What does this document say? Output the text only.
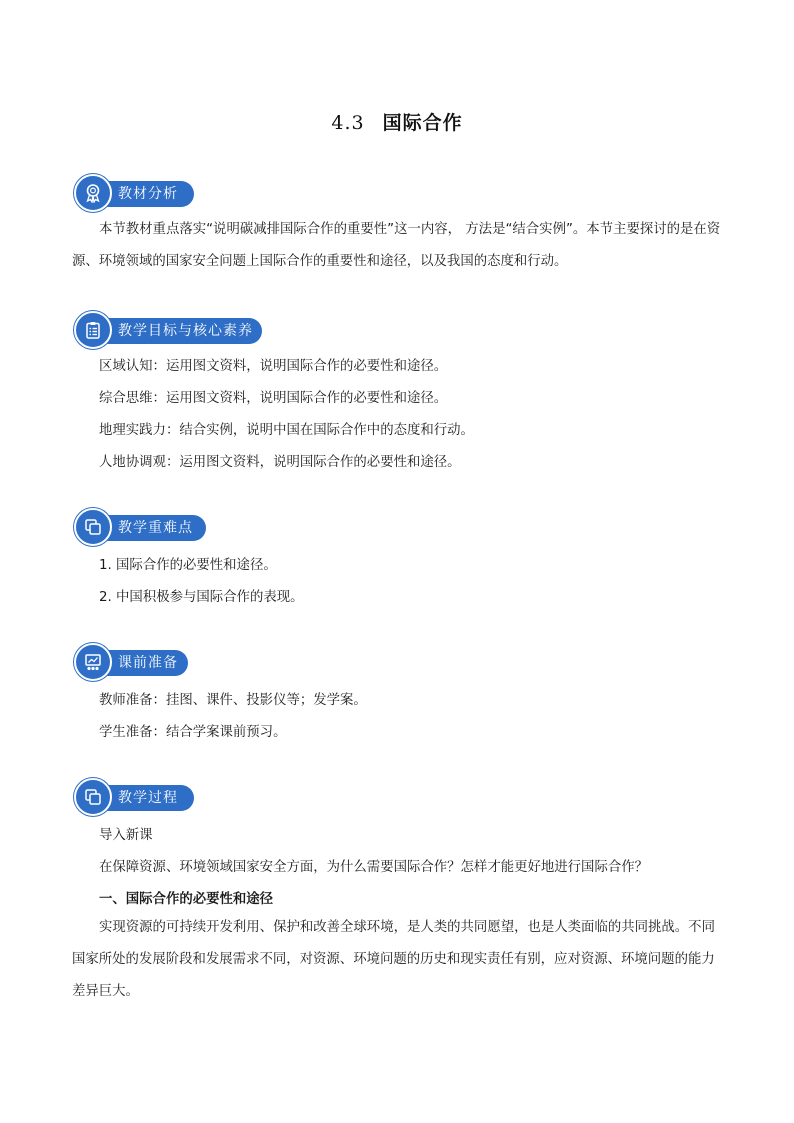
4.3 国际合作
教材分析
本节教材重点落实“说明碳减排国际合作的重要性”这一内容， 方法是“结合实例”。本节主要探讨的是在资源、环境领域的国家安全问题上国际合作的重要性和途径，以及我国的态度和行动。
教学目标与核心素养
区域认知：运用图文资料，说明国际合作的必要性和途径。
综合思维：运用图文资料，说明国际合作的必要性和途径。
地理实践力：结合实例，说明中国在国际合作中的态度和行动。
人地协调观：运用图文资料，说明国际合作的必要性和途径。
教学重难点
1. 国际合作的必要性和途径。
2. 中国积极参与国际合作的表现。
课前准备
教师准备：挂图、课件、投影仪等；发学案。
学生准备：结合学案课前预习。
教学过程
导入新课
在保障资源、环境领域国家安全方面，为什么需要国际合作？怎样才能更好地进行国际合作？
一、国际合作的必要性和途径
实现资源的可持续开发利用、保护和改善全球环境，是人类的共同愿望，也是人类面临的共同挑战。不同国家所处的发展阶段和发展需求不同，对资源、环境问题的历史和现实责任有别，应对资源、环境问题的能力差异巨大。
